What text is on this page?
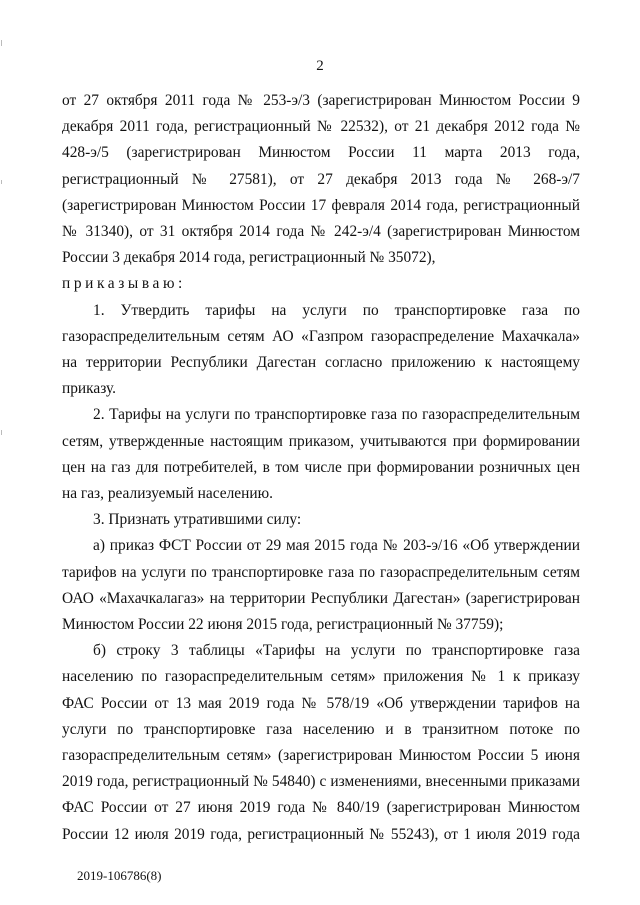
2

от 27 октября 2011 года № 253-э/3 (зарегистрирован Минюстом России 9 декабря 2011 года, регистрационный № 22532), от 21 декабря 2012 года № 428-э/5 (зарегистрирован Минюстом России 11 марта 2013 года, регистрационный № 27581), от 27 декабря 2013 года № 268-э/7 (зарегистрирован Минюстом России 17 февраля 2014 года, регистрационный № 31340), от 31 октября 2014 года № 242-э/4 (зарегистрирован Минюстом России 3 декабря 2014 года, регистрационный № 35072),

приказываю:

1. Утвердить тарифы на услуги по транспортировке газа по газораспределительным сетям АО «Газпром газораспределение Махачкала» на территории Республики Дагестан согласно приложению к настоящему приказу.

2. Тарифы на услуги по транспортировке газа по газораспределительным сетям, утвержденные настоящим приказом, учитываются при формировании цен на газ для потребителей, в том числе при формировании розничных цен на газ, реализуемый населению.

3. Признать утратившими силу:

а) приказ ФСТ России от 29 мая 2015 года № 203-э/16 «Об утверждении тарифов на услуги по транспортировке газа по газораспределительным сетям ОАО «Махачкалагаз» на территории Республики Дагестан» (зарегистрирован Минюстом России 22 июня 2015 года, регистрационный № 37759);

б) строку 3 таблицы «Тарифы на услуги по транспортировке газа населению по газораспределительным сетям» приложения № 1 к приказу ФАС России от 13 мая 2019 года № 578/19 «Об утверждении тарифов на услуги по транспортировке газа населению и в транзитном потоке по газораспределительным сетям» (зарегистрирован Минюстом России 5 июня 2019 года, регистрационный № 54840) с изменениями, внесенными приказами ФАС России от 27 июня 2019 года № 840/19 (зарегистрирован Минюстом России 12 июля 2019 года, регистрационный № 55243), от 1 июля 2019 года

2019-106786(8)
